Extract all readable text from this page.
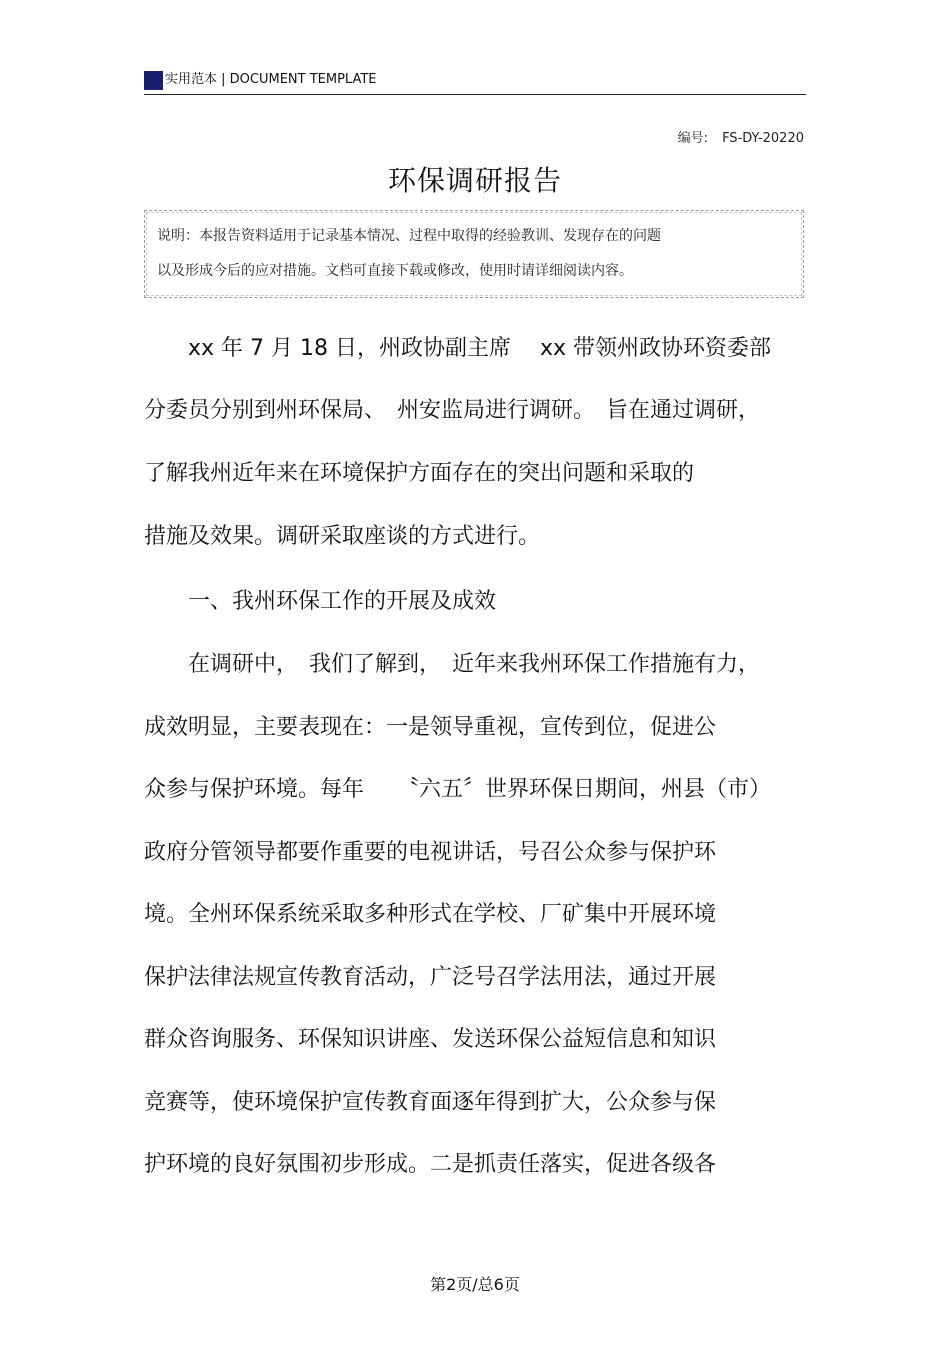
实用范本 | DOCUMENT TEMPLATE
编号: FS-DY-20220
环保调研报告
说明：本报告资料适用于记录基本情况、过程中取得的经验教训、发现存在的问题
以及形成今后的应对措施。文档可直接下载或修改，使用时请详细阅读内容。
　　xx 年 7 月 18 日，州政协副主席　 xx 带领州政协环资委部
分委员分别到州环保局、　州安监局进行调研。　旨在通过调研，
了解我州近年来在环境保护方面存在的突出问题和采取的
措施及效果。调研采取座谈的方式进行。
　　一、我州环保工作的开展及成效
　　在调研中，　我们了解到，　近年来我州环保工作措施有力，
成效明显，主要表现在：一是领导重视，宣传到位，促进公
众参与保护环境。每年　　〝六五〞世界环保日期间，州县（市）
政府分管领导都要作重要的电视讲话，号召公众参与保护环
境。全州环保系统采取多种形式在学校、厂矿集中开展环境
保护法律法规宣传教育活动，广泛号召学法用法，通过开展
群众咨询服务、环保知识讲座、发送环保公益短信息和知识
竞赛等，使环境保护宣传教育面逐年得到扩大，公众参与保
护环境的良好氛围初步形成。二是抓责任落实，促进各级各
第2页/总6页
